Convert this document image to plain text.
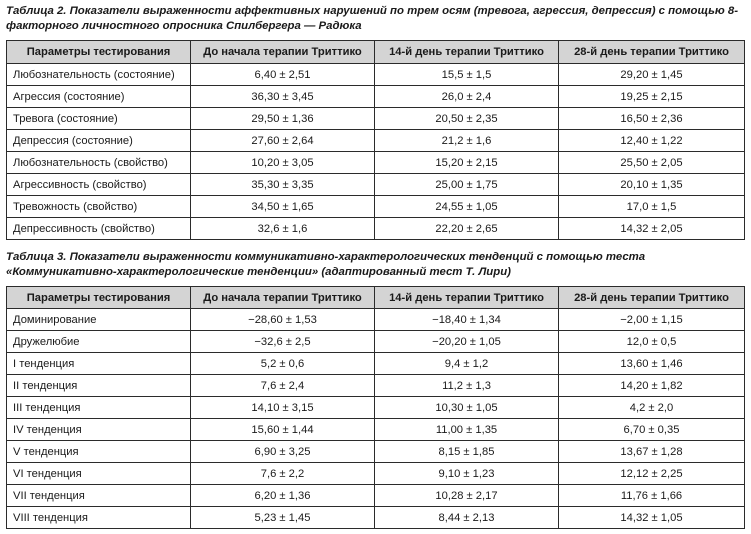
Таблица 2. Показатели выраженности аффективных нарушений по трем осям (тревога, агрессия, депрессия) с помощью 8-факторного личностного опросника Спилбергера — Радюка
Параметры тестирования	До начала терапии Триттико	14-й день терапии Триттико	28-й день терапии Триттико
Любознательность (состояние)	6,40 ± 2,51	15,5 ± 1,5	29,20 ± 1,45
Агрессия (состояние)	36,30 ± 3,45	26,0 ± 2,4	19,25 ± 2,15
Тревога (состояние)	29,50 ± 1,36	20,50 ± 2,35	16,50 ± 2,36
Депрессия (состояние)	27,60 ± 2,64	21,2 ± 1,6	12,40 ± 1,22
Любознательность (свойство)	10,20 ± 3,05	15,20 ± 2,15	25,50 ± 2,05
Агрессивность (свойство)	35,30 ± 3,35	25,00 ± 1,75	20,10 ± 1,35
Тревожность (свойство)	34,50 ± 1,65	24,55 ± 1,05	17,0 ± 1,5
Депрессивность (свойство)	32,6 ± 1,6	22,20 ± 2,65	14,32 ± 2,05
Таблица 3. Показатели выраженности коммуникативно-характерологических тенденций с помощью теста «Коммуникативно-характерологические тенденции» (адаптированный тест Т. Лири)
Параметры тестирования	До начала терапии Триттико	14-й день терапии Триттико	28-й день терапии Триттико
Доминирование	−28,60 ± 1,53	−18,40 ± 1,34	−2,00 ± 1,15
Дружелюбие	−32,6 ± 2,5	−20,20 ± 1,05	12,0 ± 0,5
I тенденция	5,2 ± 0,6	9,4 ± 1,2	13,60 ± 1,46
II тенденция	7,6 ± 2,4	11,2 ± 1,3	14,20 ± 1,82
III тенденция	14,10 ± 3,15	10,30 ± 1,05	4,2 ± 2,0
IV тенденция	15,60 ± 1,44	11,00 ± 1,35	6,70 ± 0,35
V тенденция	6,90 ± 3,25	8,15 ± 1,85	13,67 ± 1,28
VI тенденция	7,6 ± 2,2	9,10 ± 1,23	12,12 ± 2,25
VII тенденция	6,20 ± 1,36	10,28 ± 2,17	11,76 ± 1,66
VIII тенденция	5,23 ± 1,45	8,44 ± 2,13	14,32 ± 1,05
